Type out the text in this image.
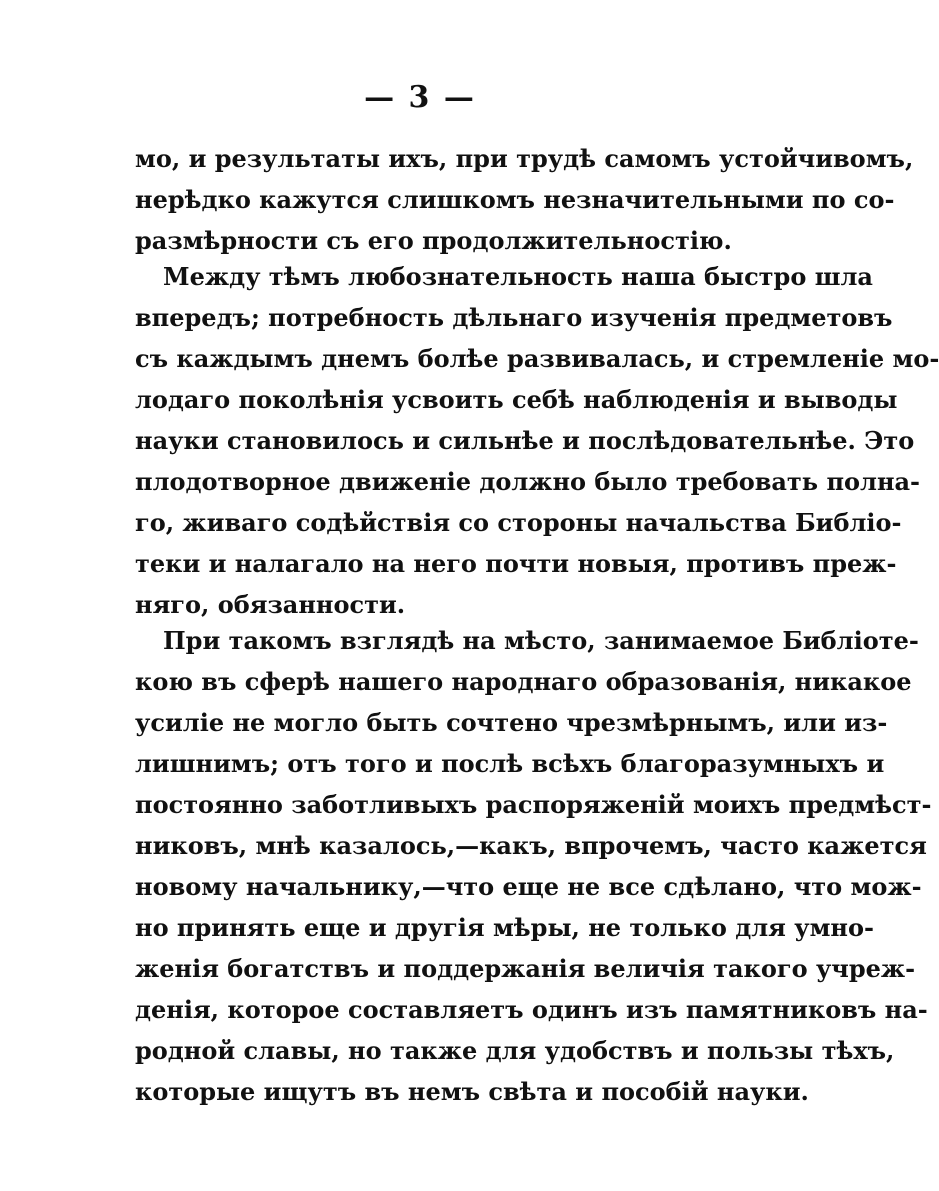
— 3 —
мо, и результаты ихъ, при трудѣ самомъ устойчивомъ,
нерѣдко кажутся слишкомъ незначительными по со-
размѣрности съ его продолжительностію.
Между тѣмъ любознательность наша быстро шла
впередъ; потребность дѣльнаго изученія предметовъ
съ каждымъ днемъ болѣе развивалась, и стремленіе мо-
лодаго поколѣнія усвоить себѣ наблюденія и выводы
науки становилось и сильнѣе и послѣдовательнѣе. Это
плодотворное движеніе должно было требовать полна-
го, живаго содѣйствія со стороны начальства Библіо-
теки и налагало на него почти новыя, противъ преж-
няго, обязанности.
При такомъ взглядѣ на мѣсто, занимаемое Библіоте-
кою въ сферѣ нашего народнаго образованія, никакое
усиліе не могло быть сочтено чрезмѣрнымъ, или из-
лишнимъ; отъ того и послѣ всѣхъ благоразумныхъ и
постоянно заботливыхъ распоряженій моихъ предмѣст-
никовъ, мнѣ казалось,—какъ, впрочемъ, часто кажется
новому начальнику,—что еще не все сдѣлано, что мож-
но принять еще и другія мѣры, не только для умно-
женія богатствъ и поддержанія величія такого учреж-
денія, которое составляетъ одинъ изъ памятниковъ на-
родной славы, но также для удобствъ и пользы тѣхъ,
которые ищутъ въ немъ свѣта и пособій науки.
